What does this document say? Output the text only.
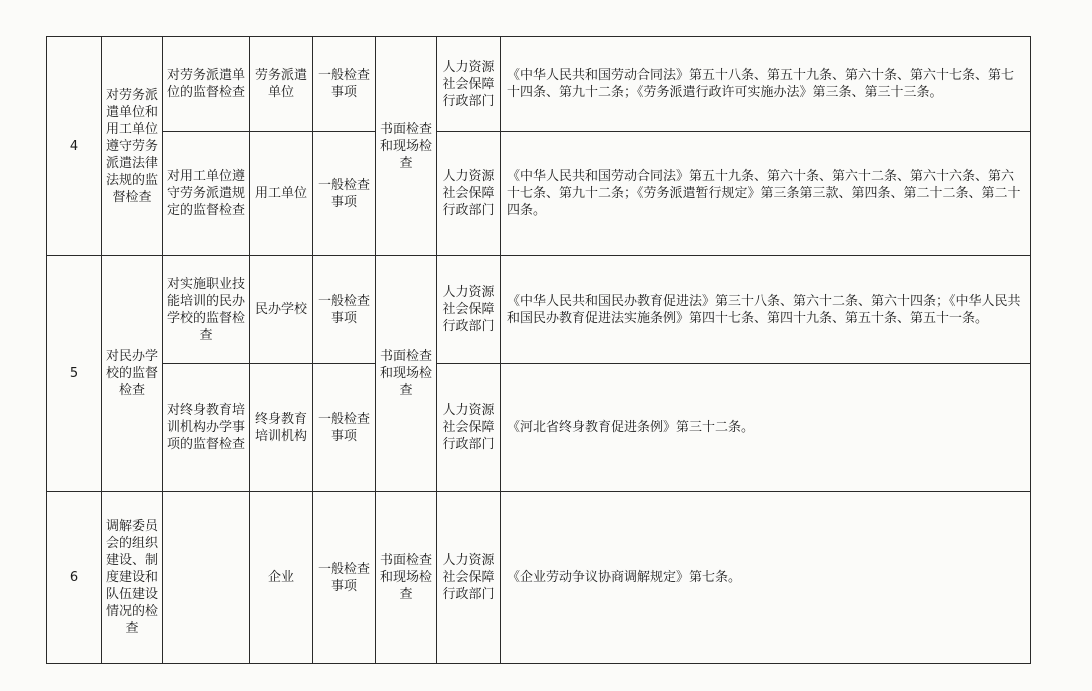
4	对劳务派遣单位和用工单位遵守劳务派遣法律法规的监督检查	对劳务派遣单位的监督检查	劳务派遣单位	一般检查事项	书面检查和现场检查	人力资源社会保障行政部门	《中华人民共和国劳动合同法》第五十八条、第五十九条、第六十条、第六十七条、第七十四条、第九十二条；《劳务派遣行政许可实施办法》第三条、第三十三条。
		对用工单位遵守劳务派遣规定的监督检查	用工单位	一般检查事项		人力资源社会保障行政部门	《中华人民共和国劳动合同法》第五十九条、第六十条、第六十二条、第六十六条、第六十七条、第九十二条；《劳务派遣暂行规定》第三条第三款、第四条、第二十二条、第二十四条。
5	对民办学校的监督检查	对实施职业技能培训的民办学校的监督检查	民办学校	一般检查事项	书面检查和现场检查	人力资源社会保障行政部门	《中华人民共和国民办教育促进法》第三十八条、第六十二条、第六十四条；《中华人民共和国民办教育促进法实施条例》第四十七条、第四十九条、第五十条、第五十一条。
		对终身教育培训机构办学事项的监督检查	终身教育培训机构	一般检查事项		人力资源社会保障行政部门	《河北省终身教育促进条例》第三十二条。
6	调解委员会的组织建设、制度建设和队伍建设情况的检查		企业	一般检查事项	书面检查和现场检查	人力资源社会保障行政部门	《企业劳动争议协商调解规定》第七条。
